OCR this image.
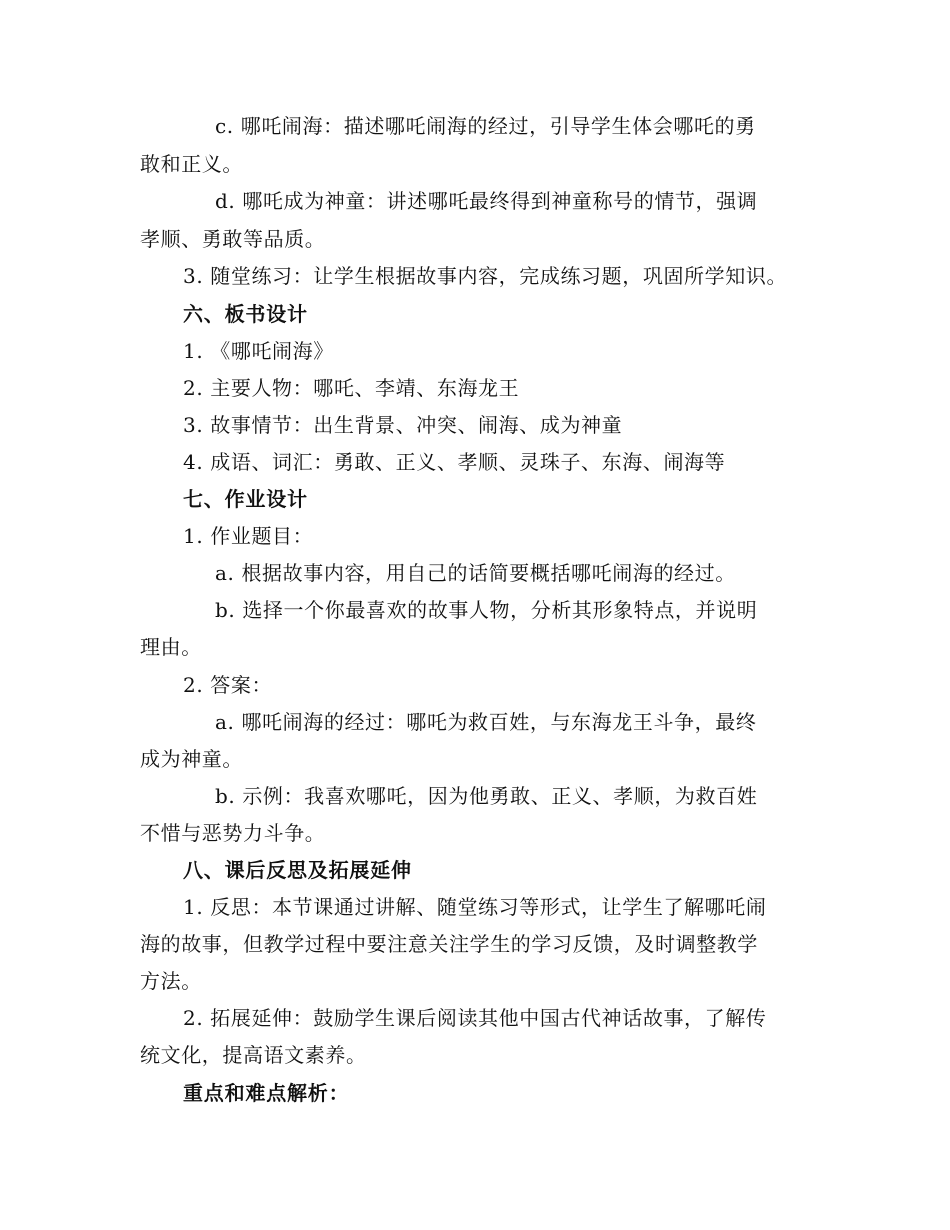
c. 哪吒闹海：描述哪吒闹海的经过，引导学生体会哪吒的勇
敢和正义。
d. 哪吒成为神童：讲述哪吒最终得到神童称号的情节，强调
孝顺、勇敢等品质。
3. 随堂练习：让学生根据故事内容，完成练习题，巩固所学知识。
六、板书设计
1. 《哪吒闹海》
2. 主要人物：哪吒、李靖、东海龙王
3. 故事情节：出生背景、冲突、闹海、成为神童
4. 成语、词汇：勇敢、正义、孝顺、灵珠子、东海、闹海等
七、作业设计
1. 作业题目：
a. 根据故事内容，用自己的话简要概括哪吒闹海的经过。
b. 选择一个你最喜欢的故事人物，分析其形象特点，并说明
理由。
2. 答案：
a. 哪吒闹海的经过：哪吒为救百姓，与东海龙王斗争，最终
成为神童。
b. 示例：我喜欢哪吒，因为他勇敢、正义、孝顺，为救百姓
不惜与恶势力斗争。
八、课后反思及拓展延伸
1. 反思：本节课通过讲解、随堂练习等形式，让学生了解哪吒闹
海的故事，但教学过程中要注意关注学生的学习反馈，及时调整教学
方法。
2. 拓展延伸：鼓励学生课后阅读其他中国古代神话故事，了解传
统文化，提高语文素养。
重点和难点解析：
